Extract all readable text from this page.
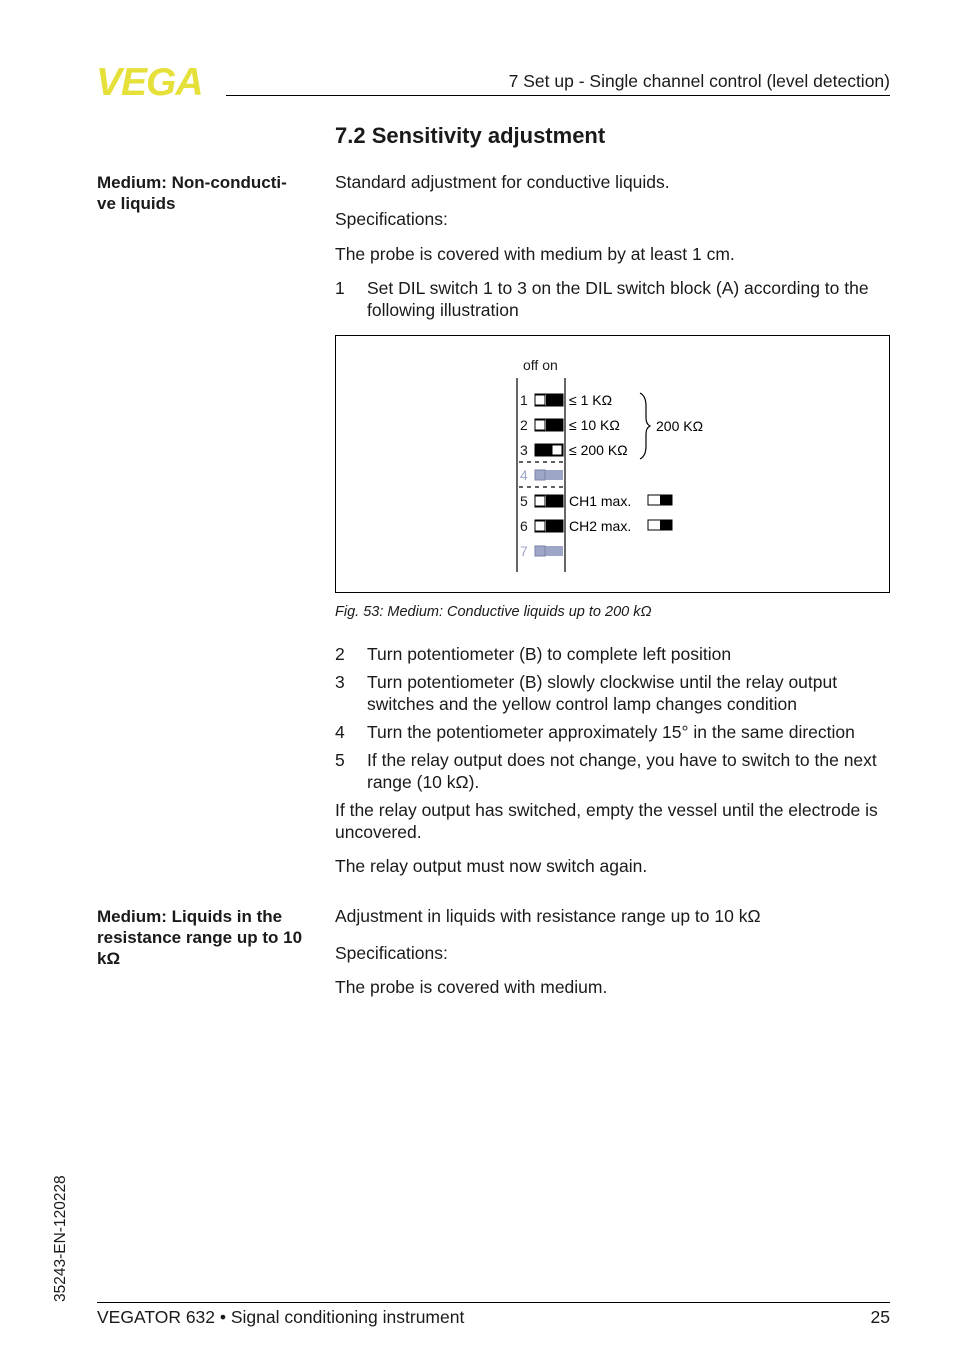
VEGA	7 Set up - Single channel control (level detection)
7.2 Sensitivity adjustment
Medium: Non-conducti-
ve liquids
Standard adjustment for conductive liquids.
Specifications:
The probe is covered with medium by at least 1 cm.
1 Set DIL switch 1 to 3 on the DIL switch block (A) according to the following illustration
off on
1
2
3
4
5
6
7
≤ 1 KΩ
≤ 10 KΩ
≤ 200 KΩ
200 KΩ
CH1 max.
CH2 max.
Fig. 53: Medium: Conductive liquids up to 200 kΩ
2 Turn potentiometer (B) to complete left position
3 Turn potentiometer (B) slowly clockwise until the relay output switches and the yellow control lamp changes condition
4 Turn the potentiometer approximately 15° in the same direction
5 If the relay output does not change, you have to switch to the next range (10 kΩ).
If the relay output has switched, empty the vessel until the electrode is uncovered.
The relay output must now switch again.
Medium: Liquids in the resistance range up to 10 kΩ
Adjustment in liquids with resistance range up to 10 kΩ
Specifications:
The probe is covered with medium.
35243-EN-120228
VEGATOR 632 • Signal conditioning instrument	25
